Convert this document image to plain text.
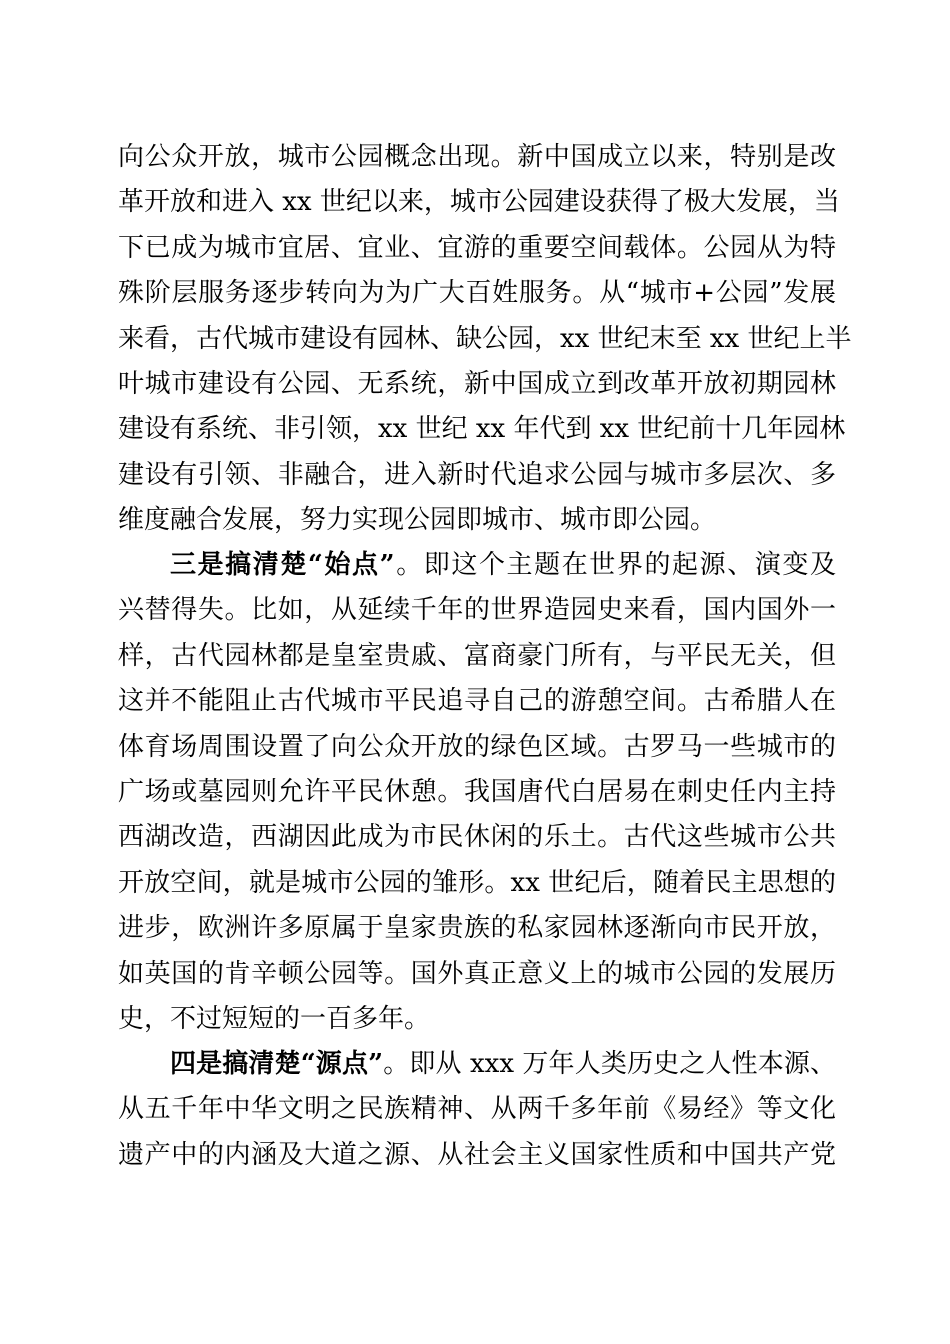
向公众开放，城市公园概念出现。新中国成立以来，特别是改
革开放和进入 xx 世纪以来，城市公园建设获得了极大发展，当
下已成为城市宜居、宜业、宜游的重要空间载体。公园从为特
殊阶层服务逐步转向为为广大百姓服务。从“城市+公园”发展
来看，古代城市建设有园林、缺公园，xx 世纪末至 xx 世纪上半
叶城市建设有公园、无系统，新中国成立到改革开放初期园林
建设有系统、非引领，xx 世纪 xx 年代到 xx 世纪前十几年园林
建设有引领、非融合，进入新时代追求公园与城市多层次、多
维度融合发展，努力实现公园即城市、城市即公园。
三是搞清楚“始点”。即这个主题在世界的起源、演变及
兴替得失。比如，从延续千年的世界造园史来看，国内国外一
样，古代园林都是皇室贵戚、富商豪门所有，与平民无关，但
这并不能阻止古代城市平民追寻自己的游憩空间。古希腊人在
体育场周围设置了向公众开放的绿色区域。古罗马一些城市的
广场或墓园则允许平民休憩。我国唐代白居易在刺史任内主持
西湖改造，西湖因此成为市民休闲的乐土。古代这些城市公共
开放空间，就是城市公园的雏形。xx 世纪后，随着民主思想的
进步，欧洲许多原属于皇家贵族的私家园林逐渐向市民开放，
如英国的肯辛顿公园等。国外真正意义上的城市公园的发展历
史，不过短短的一百多年。
四是搞清楚“源点”。即从 xxx 万年人类历史之人性本源、
从五千年中华文明之民族精神、从两千多年前《易经》等文化
遗产中的内涵及大道之源、从社会主义国家性质和中国共产党
